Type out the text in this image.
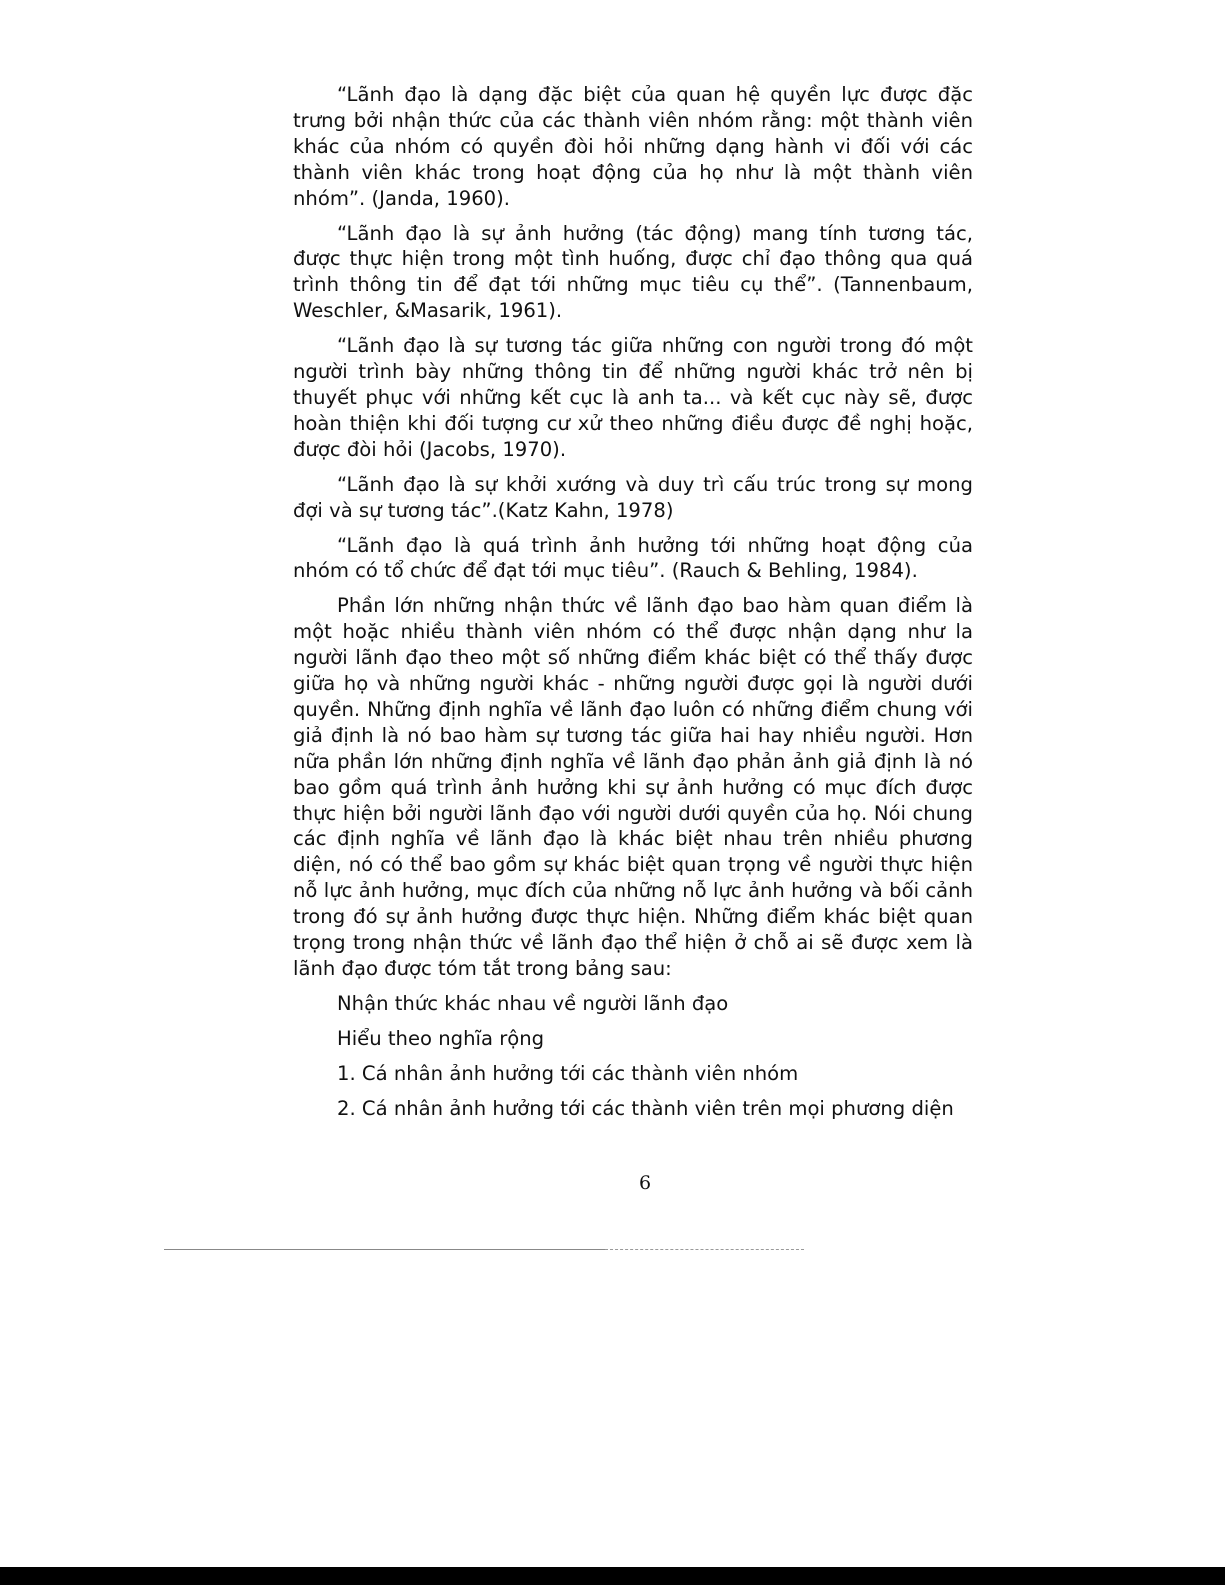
“Lãnh đạo là dạng đặc biệt của quan hệ quyền lực được đặc trưng bởi nhận thức của các thành viên nhóm rằng: một thành viên khác của nhóm có quyền đòi hỏi những dạng hành vi đối với các thành viên khác trong hoạt động của họ như là một thành viên nhóm”. (Janda, 1960).

“Lãnh đạo là sự ảnh hưởng (tác động) mang tính tương tác, được thực hiện trong một tình huống, được chỉ đạo thông qua quá trình thông tin để đạt tới những mục tiêu cụ thể”. (Tannenbaum, Weschler, &Masarik, 1961).

“Lãnh đạo là sự tương tác giữa những con người trong đó một người trình bày những thông tin để những người khác trở nên bị thuyết phục với những kết cục là anh ta... và kết cục này sẽ, được hoàn thiện khi đối tượng cư xử theo những điều được đề nghị hoặc, được đòi hỏi (Jacobs, 1970).

“Lãnh đạo là sự khởi xướng và duy trì cấu trúc trong sự mong đợi và sự tương tác”.(Katz Kahn, 1978)

“Lãnh đạo là quá trình ảnh hưởng tới những hoạt động của nhóm có tổ chức để đạt tới mục tiêu”. (Rauch & Behling, 1984).

Phần lớn những nhận thức về lãnh đạo bao hàm quan điểm là một hoặc nhiều thành viên nhóm có thể được nhận dạng như la người lãnh đạo theo một số những điểm khác biệt có thể thấy được giữa họ và những người khác - những người được gọi là người dưới quyền. Những định nghĩa về lãnh đạo luôn có những điểm chung với giả định là nó bao hàm sự tương tác giữa hai hay nhiều người. Hơn nữa phần lớn những định nghĩa về lãnh đạo phản ảnh giả định là nó bao gồm quá trình ảnh hưởng khi sự ảnh hưởng có mục đích được thực hiện bởi người lãnh đạo với người dưới quyền của họ. Nói chung các định nghĩa về lãnh đạo là khác biệt nhau trên nhiều phương diện, nó có thể bao gồm sự khác biệt quan trọng về người thực hiện nỗ lực ảnh hưởng, mục đích của những nỗ lực ảnh hưởng và bối cảnh trong đó sự ảnh hưởng được thực hiện. Những điểm khác biệt quan trọng trong nhận thức về lãnh đạo thể hiện ở chỗ ai sẽ được xem là lãnh đạo được tóm tắt trong bảng sau:

Nhận thức khác nhau về người lãnh đạo
Hiểu theo nghĩa rộng
1. Cá nhân ảnh hưởng tới các thành viên nhóm
2. Cá nhân ảnh hưởng tới các thành viên trên mọi phương diện
6
